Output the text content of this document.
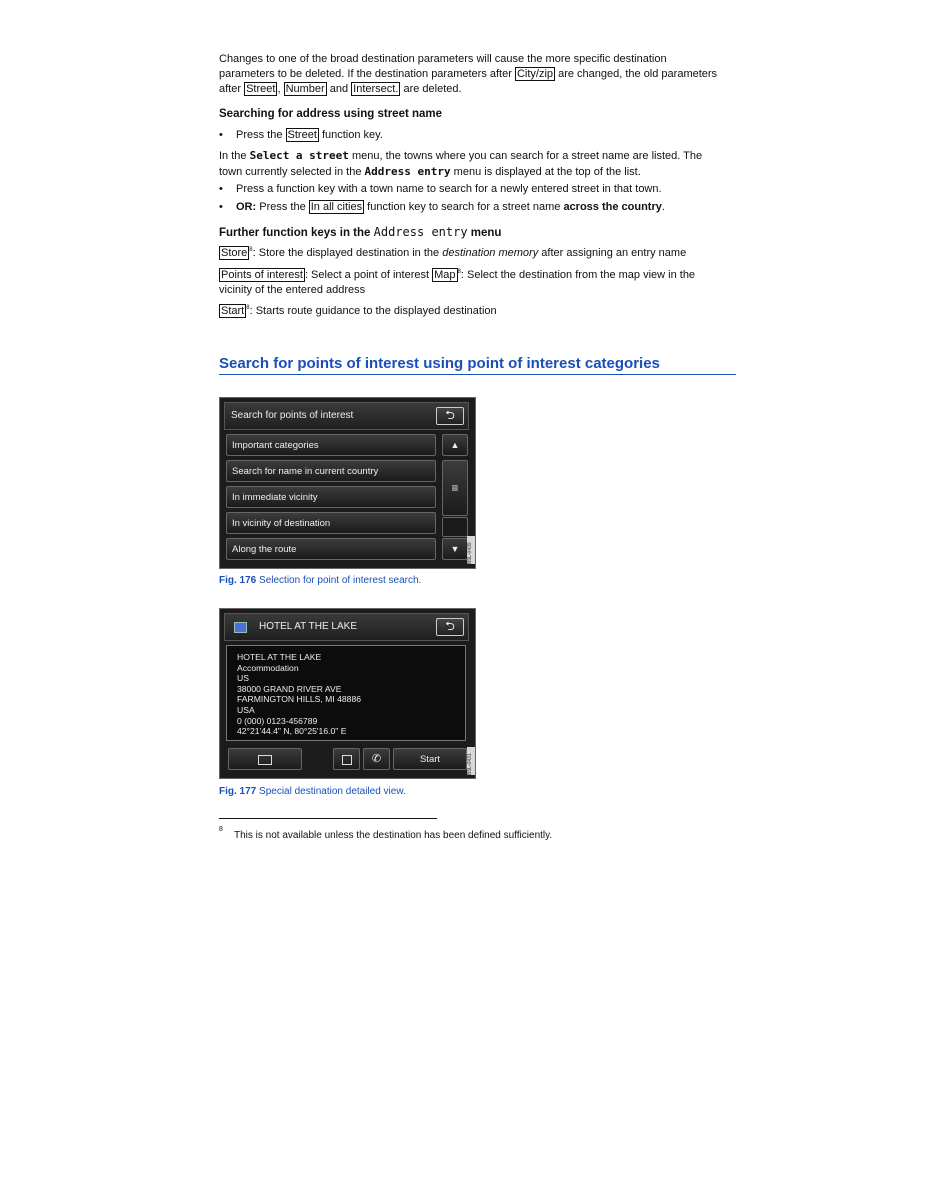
Changes to one of the broad destination parameters will cause the more specific destination
parameters to be deleted. If the destination parameters after City/zip are changed, the old parameters
after Street , Number and Intersect. are deleted.
Searching for address using street name
• Press the Street function key.
In the Select a street menu, the towns where you can search for a street name are listed. The
town currently selected in the Address entry menu is displayed at the top of the list.
• Press a function key with a town name to search for a newly entered street in that town.
• OR: Press the In all cities function key to search for a street name across the country.
Further function keys in the Address entry menu
Store $^8$: Store the displayed destination in the destination memory after assigning an entry name
Points of interest : Select a point of interest Map $^8$: Select the destination from the map view in the
vicinity of the entered address
Start $^8$: Starts route guidance to the displayed destination
Search for points of interest using point of interest categories
Search for points of interest	⮌
Important categories
Search for name in current country
In immediate vicinity
In vicinity of destination
Along the route
▲
≡
▼	B5L-0439
Fig. 176 Selection for point of interest search.
HOTEL AT THE LAKE	⮌
HOTEL AT THE LAKE
Accommodation
US
38000 GRAND RIVER AVE
FARMINGTON HILLS, MI 48886
USA
0 (000) 0123-456789
42°21'44.4" N, 80°25'16.0" E
✆	Start	B5L-0431
Fig. 177 Special destination detailed view.
8
This is not available unless the destination has been defined sufficiently.
